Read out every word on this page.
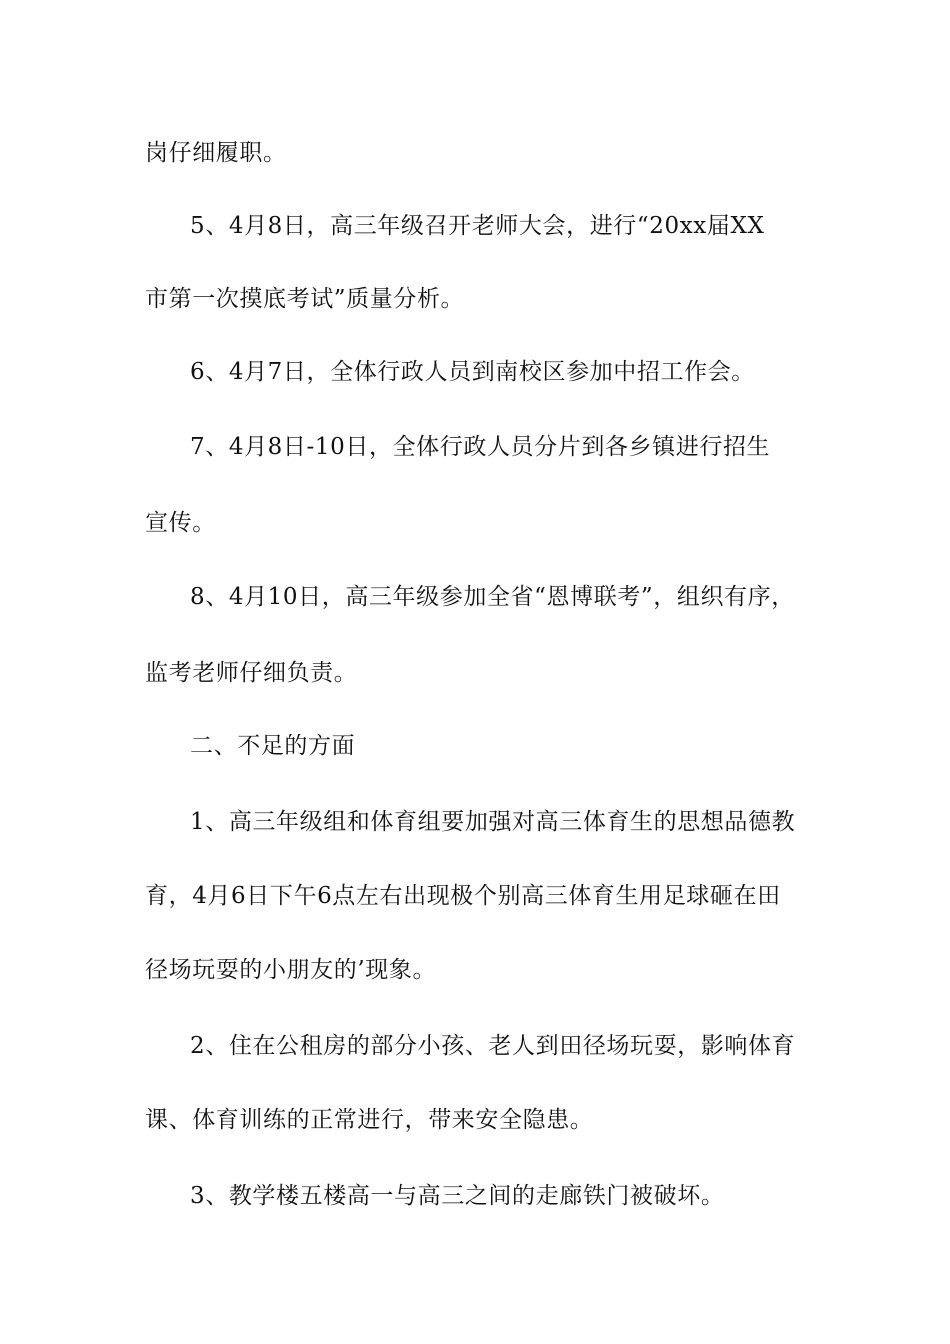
岗仔细履职。
5、4月8日，高三年级召开老师大会，进行“20xx届XX
市第一次摸底考试”质量分析。
6、4月7日，全体行政人员到南校区参加中招工作会。
7、4月8日-10日，全体行政人员分片到各乡镇进行招生
宣传。
8、4月10日，高三年级参加全省“恩博联考”，组织有序，
监考老师仔细负责。
二、不足的方面
1、高三年级组和体育组要加强对高三体育生的思想品德教
育，4月6日下午6点左右出现极个别高三体育生用足球砸在田
径场玩耍的小朋友的’现象。
2、住在公租房的部分小孩、老人到田径场玩耍，影响体育
课、体育训练的正常进行，带来安全隐患。
3、教学楼五楼高一与高三之间的走廊铁门被破坏。
